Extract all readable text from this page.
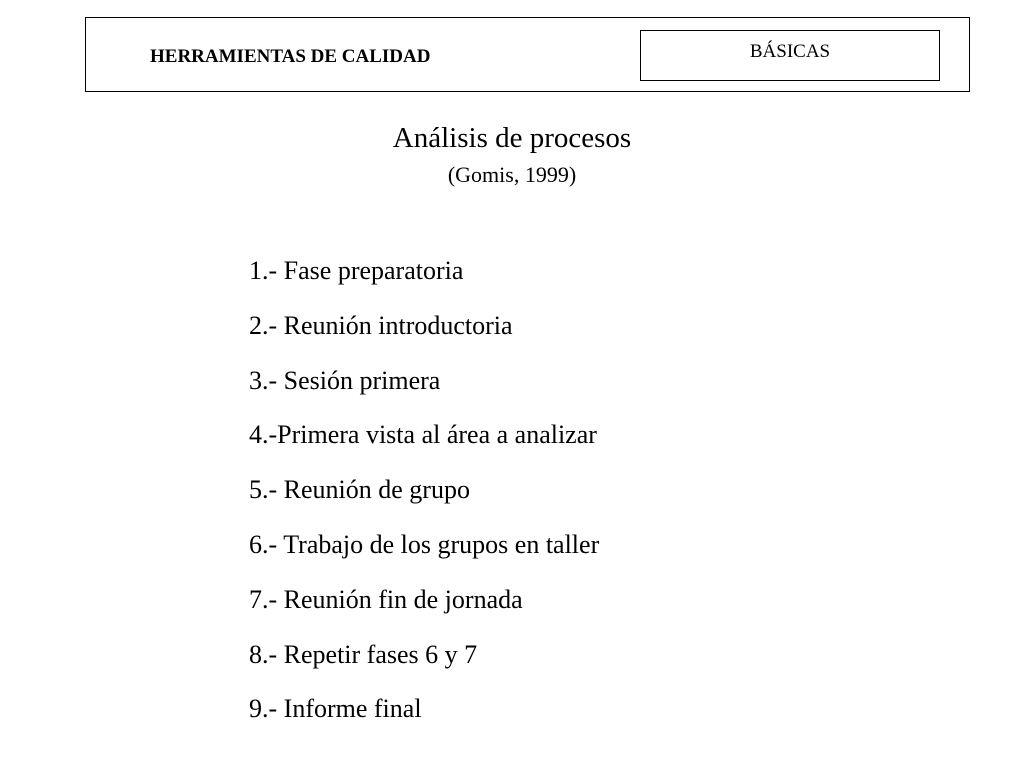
HERRAMIENTAS DE CALIDAD	BÁSICAS
Análisis de procesos
(Gomis, 1999)
1.- Fase preparatoria
2.- Reunión introductoria
3.- Sesión primera
4.-Primera vista al área a analizar
5.- Reunión de grupo
6.- Trabajo de los grupos en taller
7.- Reunión fin de jornada
8.- Repetir fases 6 y 7
9.- Informe final
